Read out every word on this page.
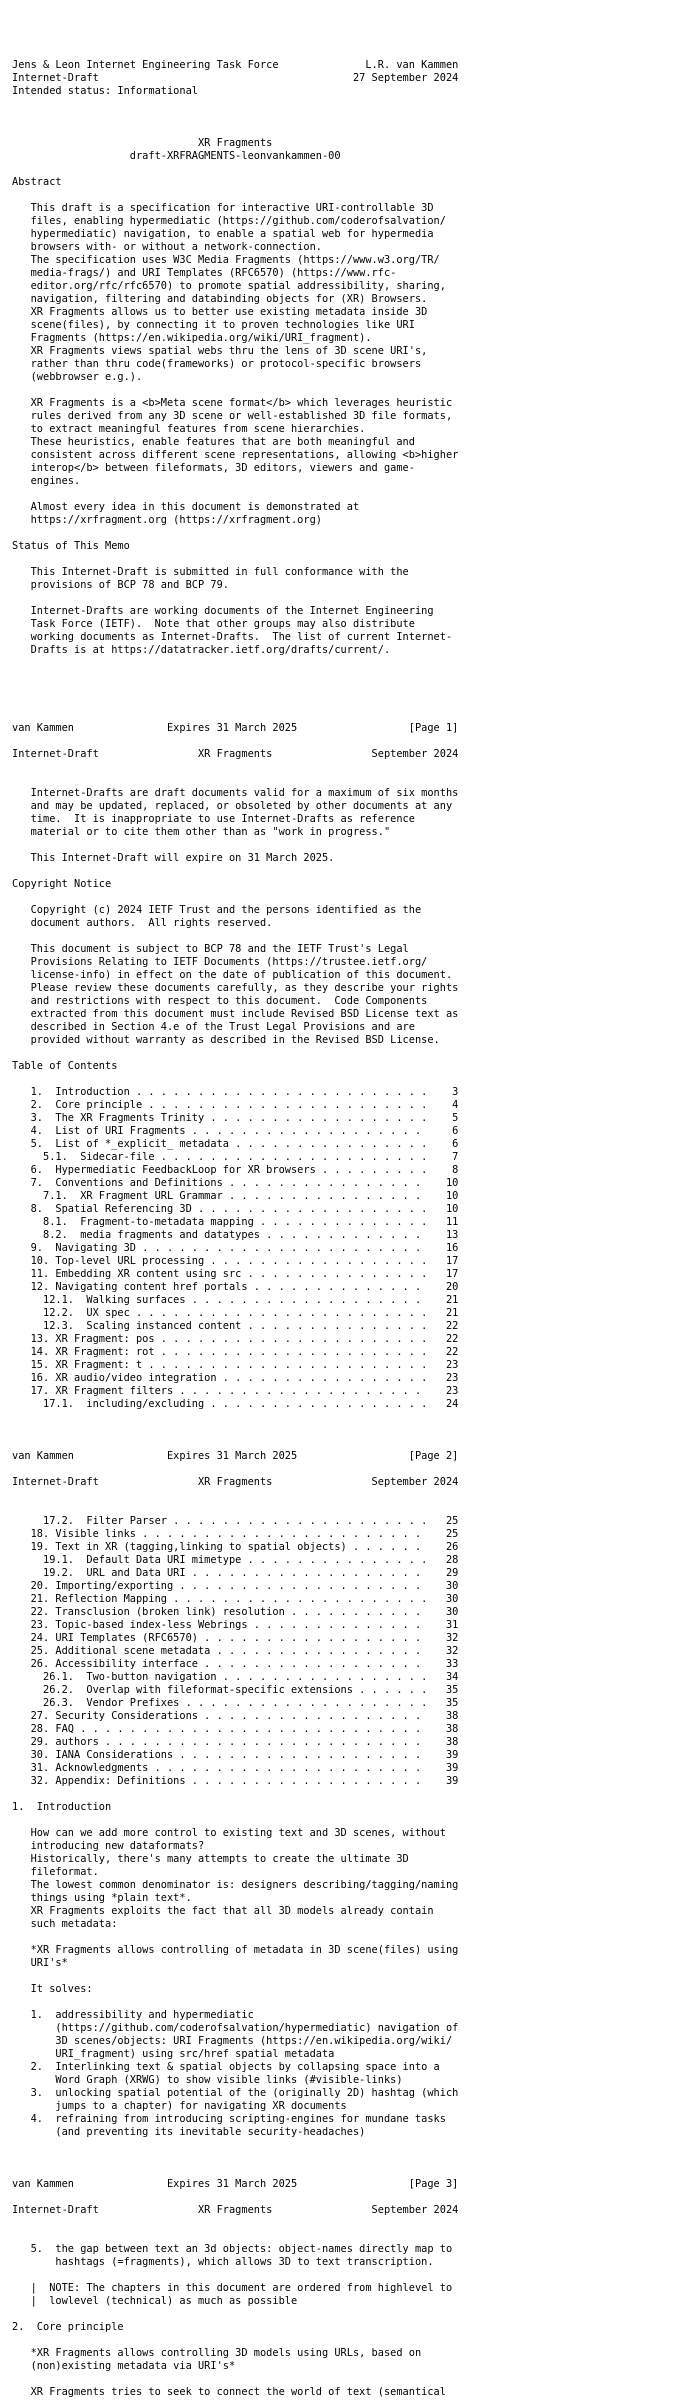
Jens & Leon Internet Engineering Task Force              L.R. van Kammen
Internet-Draft                                         27 September 2024
Intended status: Informational
XR Fragments
draft-XRFRAGMENTS-leonvankammen-00
Abstract
This draft is a specification for interactive URI-controllable 3D
files, enabling hypermediatic (https://github.com/coderofsalvation/
hypermediatic) navigation, to enable a spatial web for hypermedia
browsers with- or without a network-connection.
The specification uses W3C Media Fragments (https://www.w3.org/TR/
media-frags/) and URI Templates (RFC6570) (https://www.rfc-
editor.org/rfc/rfc6570) to promote spatial addressibility, sharing,
navigation, filtering and databinding objects for (XR) Browsers.
XR Fragments allows us to better use existing metadata inside 3D
scene(files), by connecting it to proven technologies like URI
Fragments (https://en.wikipedia.org/wiki/URI_fragment).
XR Fragments views spatial webs thru the lens of 3D scene URI's,
rather than thru code(frameworks) or protocol-specific browsers
(webbrowser e.g.).
XR Fragments is a <b>Meta scene format</b> which leverages heuristic
rules derived from any 3D scene or well-established 3D file formats,
to extract meaningful features from scene hierarchies.
These heuristics, enable features that are both meaningful and
consistent across different scene representations, allowing <b>higher
interop</b> between fileformats, 3D editors, viewers and game-
engines.
Almost every idea in this document is demonstrated at
https://xrfragment.org (https://xrfragment.org)
Status of This Memo
This Internet-Draft is submitted in full conformance with the
provisions of BCP 78 and BCP 79.
Internet-Drafts are working documents of the Internet Engineering
Task Force (IETF).  Note that other groups may also distribute
working documents as Internet-Drafts.  The list of current Internet-
Drafts is at https://datatracker.ietf.org/drafts/current/.
van Kammen               Expires 31 March 2025                  [Page 1]
Internet-Draft                XR Fragments                September 2024
Internet-Drafts are draft documents valid for a maximum of six months
and may be updated, replaced, or obsoleted by other documents at any
time.  It is inappropriate to use Internet-Drafts as reference
material or to cite them other than as "work in progress."
This Internet-Draft will expire on 31 March 2025.
Copyright Notice
Copyright (c) 2024 IETF Trust and the persons identified as the
document authors.  All rights reserved.
This document is subject to BCP 78 and the IETF Trust's Legal
Provisions Relating to IETF Documents (https://trustee.ietf.org/
license-info) in effect on the date of publication of this document.
Please review these documents carefully, as they describe your rights
and restrictions with respect to this document.  Code Components
extracted from this document must include Revised BSD License text as
described in Section 4.e of the Trust Legal Provisions and are
provided without warranty as described in the Revised BSD License.
Table of Contents
1.  Introduction . . . . . . . . . . . . . . . . . . . . . . . .    3
2.  Core principle . . . . . . . . . . . . . . . . . . . . . . .    4
3.  The XR Fragments Trinity . . . . . . . . . . . . . . . . . .    5
4.  List of URI Fragments . . . . . . . . . . . . . . . . . . .     6
5.  List of *_explicit_ metadata . . . . . . . . . . . . . . . .    6
5.1.  Sidecar-file . . . . . . . . . . . . . . . . . . . . . .    7
6.  Hypermediatic FeedbackLoop for XR browsers . . . . . . . . .    8
7.  Conventions and Definitions . . . . . . . . . . . . . . . .    10
7.1.  XR Fragment URL Grammar . . . . . . . . . . . . . . . .    10
8.  Spatial Referencing 3D . . . . . . . . . . . . . . . . . . .   10
8.1.  Fragment-to-metadata mapping . . . . . . . . . . . . . .   11
8.2.  media fragments and datatypes . . . . . . . . . . . . .    13
9.  Navigating 3D . . . . . . . . . . . . . . . . . . . . . . .    16
10. Top-level URL processing . . . . . . . . . . . . . . . . . .   17
11. Embedding XR content using src . . . . . . . . . . . . . . .   17
12. Navigating content href portals . . . . . . . . . . . . . .    20
12.1.  Walking surfaces . . . . . . . . . . . . . . . . . . .    21
12.2.  UX spec . . . . . . . . . . . . . . . . . . . . . . . .   21
12.3.  Scaling instanced content . . . . . . . . . . . . . . .   22
13. XR Fragment: pos . . . . . . . . . . . . . . . . . . . . . .   22
14. XR Fragment: rot . . . . . . . . . . . . . . . . . . . . . .   22
15. XR Fragment: t . . . . . . . . . . . . . . . . . . . . . . .   23
16. XR audio/video integration . . . . . . . . . . . . . . . . .   23
17. XR Fragment filters . . . . . . . . . . . . . . . . . . . .    23
17.1.  including/excluding . . . . . . . . . . . . . . . . . .   24
van Kammen               Expires 31 March 2025                  [Page 2]
Internet-Draft                XR Fragments                September 2024
17.2.  Filter Parser . . . . . . . . . . . . . . . . . . . . .   25
18. Visible links . . . . . . . . . . . . . . . . . . . . . . .    25
19. Text in XR (tagging,linking to spatial objects) . . . . . .    26
19.1.  Default Data URI mimetype . . . . . . . . . . . . . . .   28
19.2.  URL and Data URI . . . . . . . . . . . . . . . . . . .    29
20. Importing/exporting . . . . . . . . . . . . . . . . . . . .    30
21. Reflection Mapping . . . . . . . . . . . . . . . . . . . . .   30
22. Transclusion (broken link) resolution . . . . . . . . . . .    30
23. Topic-based index-less Webrings . . . . . . . . . . . . . .    31
24. URI Templates (RFC6570) . . . . . . . . . . . . . . . . . .    32
25. Additional scene metadata . . . . . . . . . . . . . . . . .    32
26. Accessibility interface . . . . . . . . . . . . . . . . . .    33
26.1.  Two-button navigation . . . . . . . . . . . . . . . . .   34
26.2.  Overlap with fileformat-specific extensions . . . . . .   35
26.3.  Vendor Prefixes . . . . . . . . . . . . . . . . . . . .   35
27. Security Considerations . . . . . . . . . . . . . . . . . .    38
28. FAQ . . . . . . . . . . . . . . . . . . . . . . . . . . . .    38
29. authors . . . . . . . . . . . . . . . . . . . . . . . . . .    38
30. IANA Considerations . . . . . . . . . . . . . . . . . . . .    39
31. Acknowledgments . . . . . . . . . . . . . . . . . . . . . .    39
32. Appendix: Definitions . . . . . . . . . . . . . . . . . . .    39
1.  Introduction
How can we add more control to existing text and 3D scenes, without
introducing new dataformats?
Historically, there's many attempts to create the ultimate 3D
fileformat.
The lowest common denominator is: designers describing/tagging/naming
things using *plain text*.
XR Fragments exploits the fact that all 3D models already contain
such metadata:
*XR Fragments allows controlling of metadata in 3D scene(files) using
URI's*
It solves:
1.  addressibility and hypermediatic
(https://github.com/coderofsalvation/hypermediatic) navigation of
3D scenes/objects: URI Fragments (https://en.wikipedia.org/wiki/
URI_fragment) using src/href spatial metadata
2.  Interlinking text & spatial objects by collapsing space into a
Word Graph (XRWG) to show visible links (#visible-links)
3.  unlocking spatial potential of the (originally 2D) hashtag (which
jumps to a chapter) for navigating XR documents
4.  refraining from introducing scripting-engines for mundane tasks
(and preventing its inevitable security-headaches)
van Kammen               Expires 31 March 2025                  [Page 3]
Internet-Draft                XR Fragments                September 2024
5.  the gap between text an 3d objects: object-names directly map to
hashtags (=fragments), which allows 3D to text transcription.
|  NOTE: The chapters in this document are ordered from highlevel to
|  lowlevel (technical) as much as possible
2.  Core principle
*XR Fragments allows controlling 3D models using URLs, based on
(non)existing metadata via URI's*
XR Fragments tries to seek to connect the world of text (semantical
